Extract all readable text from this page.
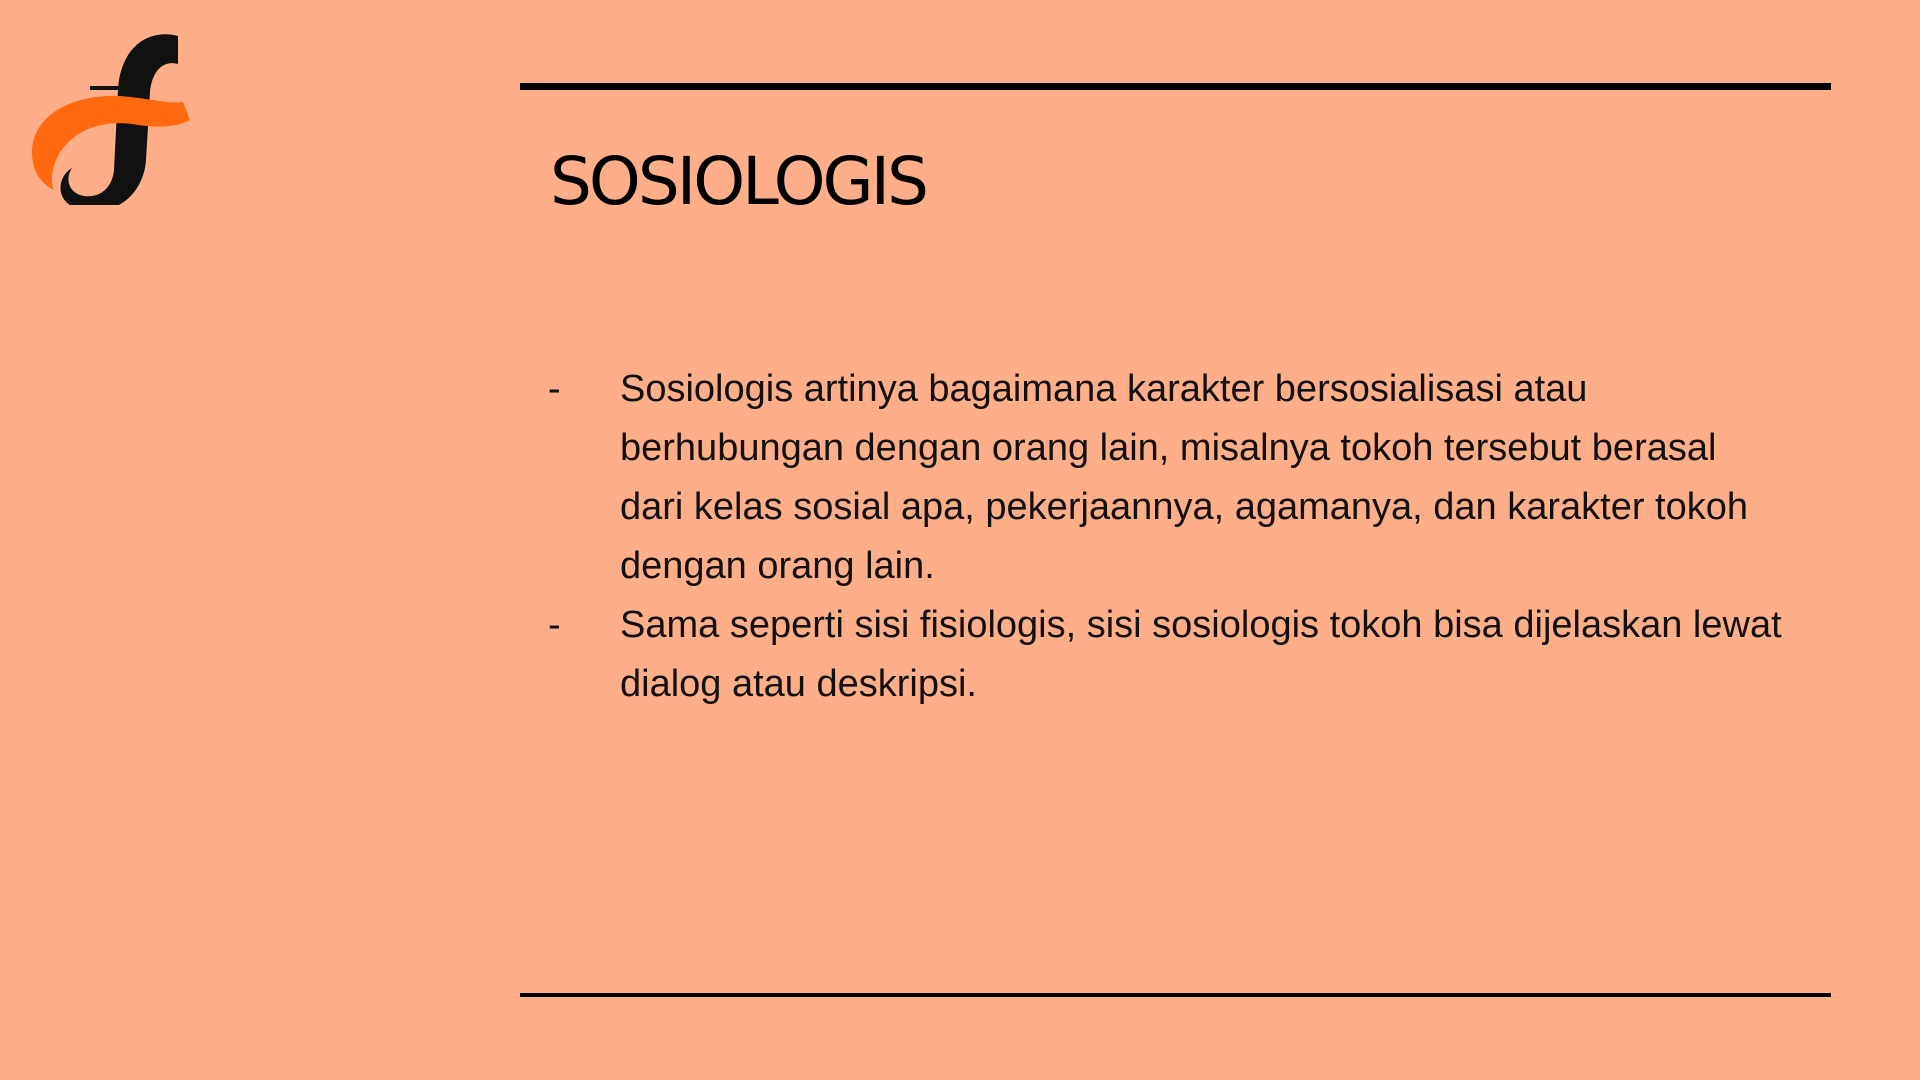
SOSIOLOGIS
- Sosiologis artinya bagaimana karakter bersosialisasi atau berhubungan dengan orang lain, misalnya tokoh tersebut berasal dari kelas sosial apa, pekerjaannya, agamanya, dan karakter tokoh dengan orang lain.
- Sama seperti sisi fisiologis, sisi sosiologis tokoh bisa dijelaskan lewat dialog atau deskripsi.
